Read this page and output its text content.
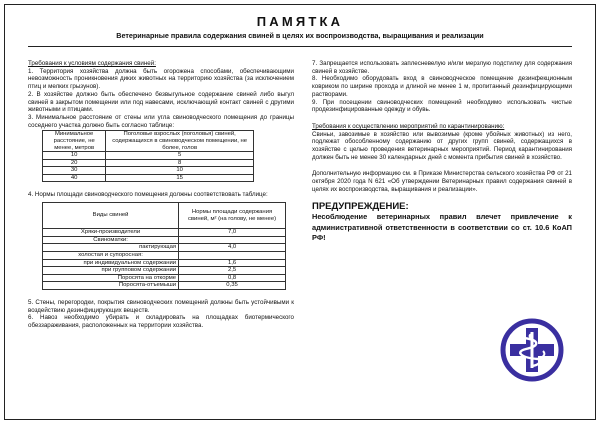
ПАМЯТКА
Ветеринарные правила содержания свиней в целях их воспроизводства, выращивания и реализации

Требования к условиям содержания свиней:

1. Территория хозяйства должна быть огорожена способами, обеспечивающими невозможность проникновения диких животных на территорию хозяйства (за исключением птиц и мелких грызунов).

2. В хозяйстве должно быть обеспечено безвыгульное содержание свиней либо выгул свиней в закрытом помещении или под навесами, исключающий контакт свиней с другими животными и птицами.

3. Минимальное расстояние от стены или угла свиноводческого помещения до границы соседнего участка должно быть согласно таблице:

Минимальное расстояние, не менее, метров	Поголовье взрослых (поголовья) свиней, содержащихся в свиноводческом помещении, не более, голов
10	5
20	8
30	10
40	15

4. Нормы площади свиноводческого помещения должны соответствовать таблице:

Виды свиней	Нормы площади содержания
свиней, м² (на голову, не менее)
Хряки-производители	7,0
Свиноматки:	
пактирующая	4,0
холостая и супоросная:	
при индивидуальном содержании	1,6
при групповом содержании	2,5
Поросята на откорме	0,8
Поросята-отъемыши	0,35

5. Стены, перегородки, покрытия свиноводческих помещений должны быть устойчивыми к воздействию дезинфицирующих веществ.

6. Навоз необходимо убирать и складировать на площадках биотермического обеззараживания, расположенных на территории хозяйства.

7. Запрещается использовать заплесневелую и/или мерзлую подстилку для содержания свиней в хозяйстве.

8. Необходимо оборудовать вход в свиноводческое помещение дезинфекционным ковриком по ширине прохода и длиной не менее 1 м, пропитанный дезинфицирующими растворами.

9. При посещении свиноводческих помещений необходимо использовать чистые продезинфицированные одежду и обувь.

Требования к осуществлению мероприятий по карантинированию:

Свиньи, завозимые в хозяйство или вывозимые (кроме убойных животных) из него, подлежат обособленному содержанию от других групп свиней, содержащихся в хозяйстве с целью проведения ветеринарных мероприятий. Период карантинирования должен быть не менее 30 календарных дней с момента прибытия свиней в хозяйство.

Дополнительную информацию см. в Приказе Министерства сельского хозяйства РФ от 21 октября 2020 года N 621 «Об утверждении Ветеринарных правил содержания свиней в целях их воспроизводства, выращивания и реализации».

ПРЕДУПРЕЖДЕНИЕ:
Несоблюдение ветеринарных правил влечет привлечение к административной ответственности в соответствии со ст. 10.6 КоАП РФ!
